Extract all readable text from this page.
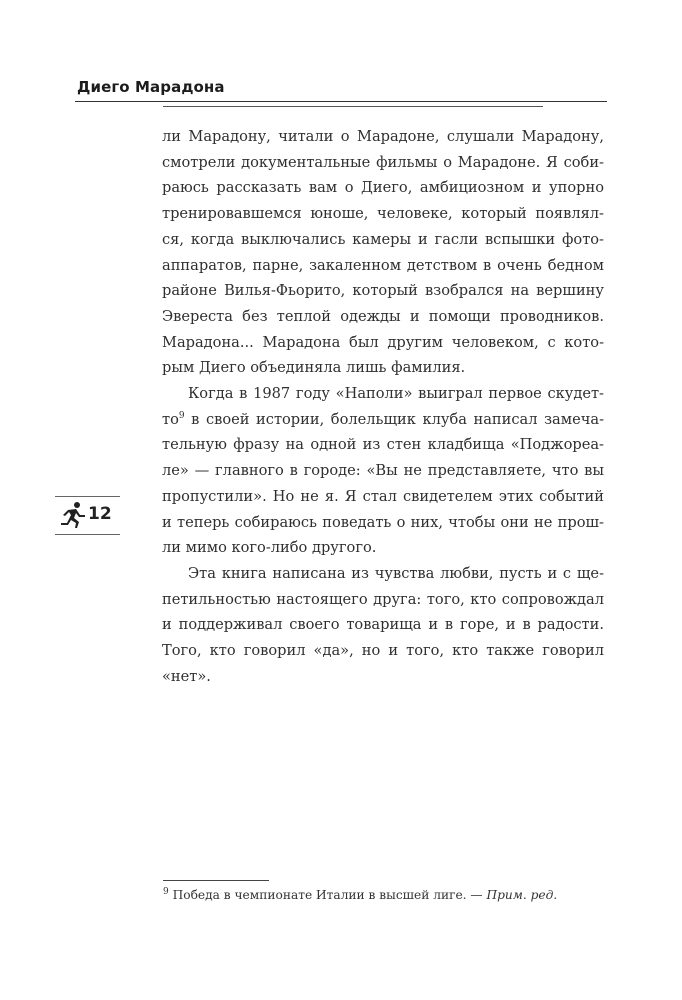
Диего Марадона
ли Марадону, читали о Марадоне, слушали Марадону,
смотрели документальные фильмы о Марадоне. Я соби-
раюсь рассказать вам о Диего, амбициозном и упорно
тренировавшемся юноше, человеке, который появлял-
ся, когда выключались камеры и гасли вспышки фото-
аппаратов, парне, закаленном детством в очень бедном
районе Вилья-Фьорито, который взобрался на вершину
Эвереста без теплой одежды и помощи проводников.
Марадона... Марадона был другим человеком, с кото-
рым Диего объединяла лишь фамилия.
Когда в 1987 году «Наполи» выиграл первое скудет-
$то^9$ в своей истории, болельщик клуба написал замеча-
тельную фразу на одной из стен кладбища «Поджореа-
ле» — главного в городе: «Вы не представляете, что вы
пропустили». Но не я. Я стал свидетелем этих событий
и теперь собираюсь поведать о них, чтобы они не прош-
ли мимо кого-либо другого.
Эта книга написана из чувства любви, пусть и с ще-
петильностью настоящего друга: того, кто сопровождал
и поддерживал своего товарища и в горе, и в радости.
Того, кто говорил «да», но и того, кто также говорил
«нет».
12
$^9$ Победа в чемпионате Италии в высшей лиге. — Прим. ред.
